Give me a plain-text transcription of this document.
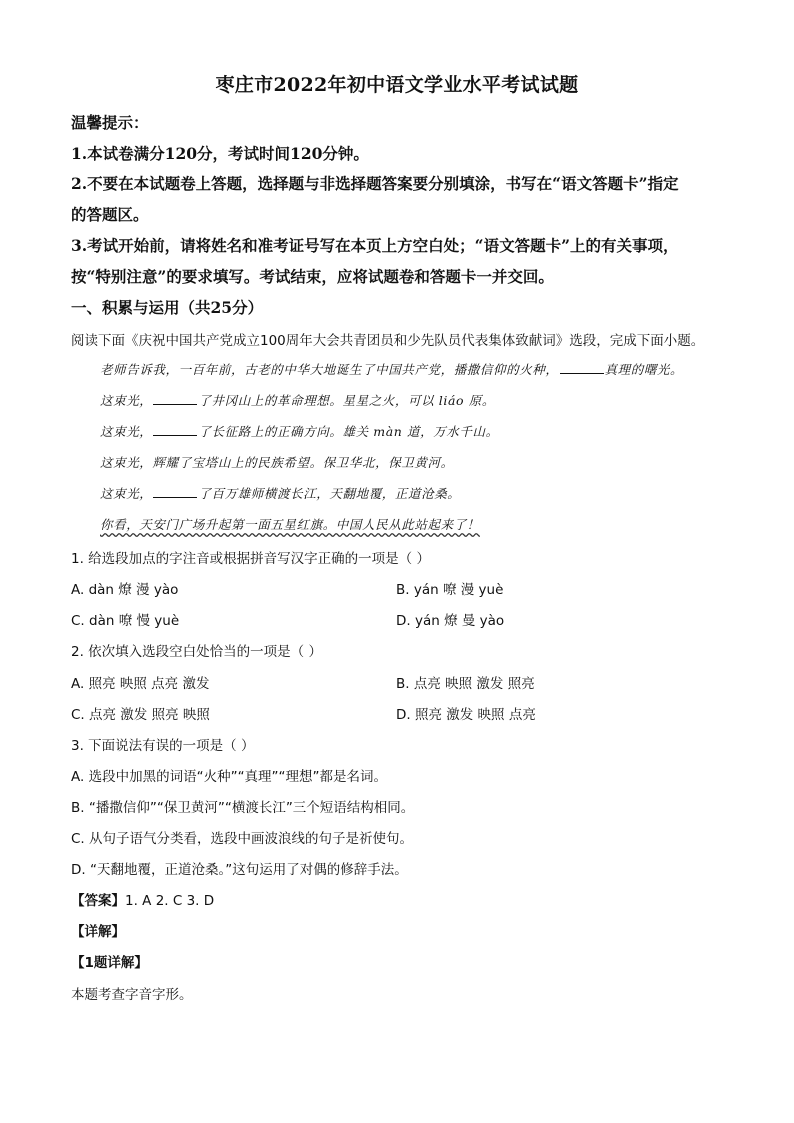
枣庄市2022年初中语文学业水平考试试题
温馨提示：
1.本试卷满分120分，考试时间120分钟。
2.不要在本试题卷上答题，选择题与非选择题答案要分别填涂，书写在“语文答题卡”指定
的答题区。
3.考试开始前，请将姓名和准考证号写在本页上方空白处；“语文答题卡”上的有关事项，
按“特别注意”的要求填写。考试结束，应将试题卷和答题卡一并交回。
一、积累与运用（共25分）
阅读下面《庆祝中国共产党成立100周年大会共青团员和少先队员代表集体致献词》选段，完成下面小题。
老师告诉我，一百年前，古老的中华大地诞生了中国共产党，播撒信仰的火种，	真理的曙光。
这束光，	了井冈山上的革命理想。星星之火，可以 liáo 原。
这束光，	了长征路上的正确方向。雄关 màn 道，万水千山。
这束光，辉耀了宝塔山上的民族希望。保卫华北，保卫黄河。
这束光，	了百万雄师横渡长江，天翻地覆，正道沧桑。
你看，天安门广场升起第一面五星红旗。中国人民从此站起来了！
1. 给选段加点的字注音或根据拼音写汉字正确的一项是（ ）
A. dàn 燎 漫 yào	B. yán 嘹 漫 yuè
C. dàn 嘹 慢 yuè	D. yán 燎 曼 yào
2. 依次填入选段空白处恰当的一项是（ ）
A. 照亮 映照 点亮 激发	B. 点亮 映照 激发 照亮
C. 点亮 激发 照亮 映照	D. 照亮 激发 映照 点亮
3. 下面说法有误的一项是（ ）
A. 选段中加黑的词语“火种”“真理”“理想”都是名词。
B. “播撒信仰”“保卫黄河”“横渡长江”三个短语结构相同。
C. 从句子语气分类看，选段中画波浪线的句子是祈使句。
D. “天翻地覆，正道沧桑。”这句运用了对偶的修辞手法。
【答案】1. A 2. C 3. D
【详解】
【1题详解】
本题考查字音字形。
